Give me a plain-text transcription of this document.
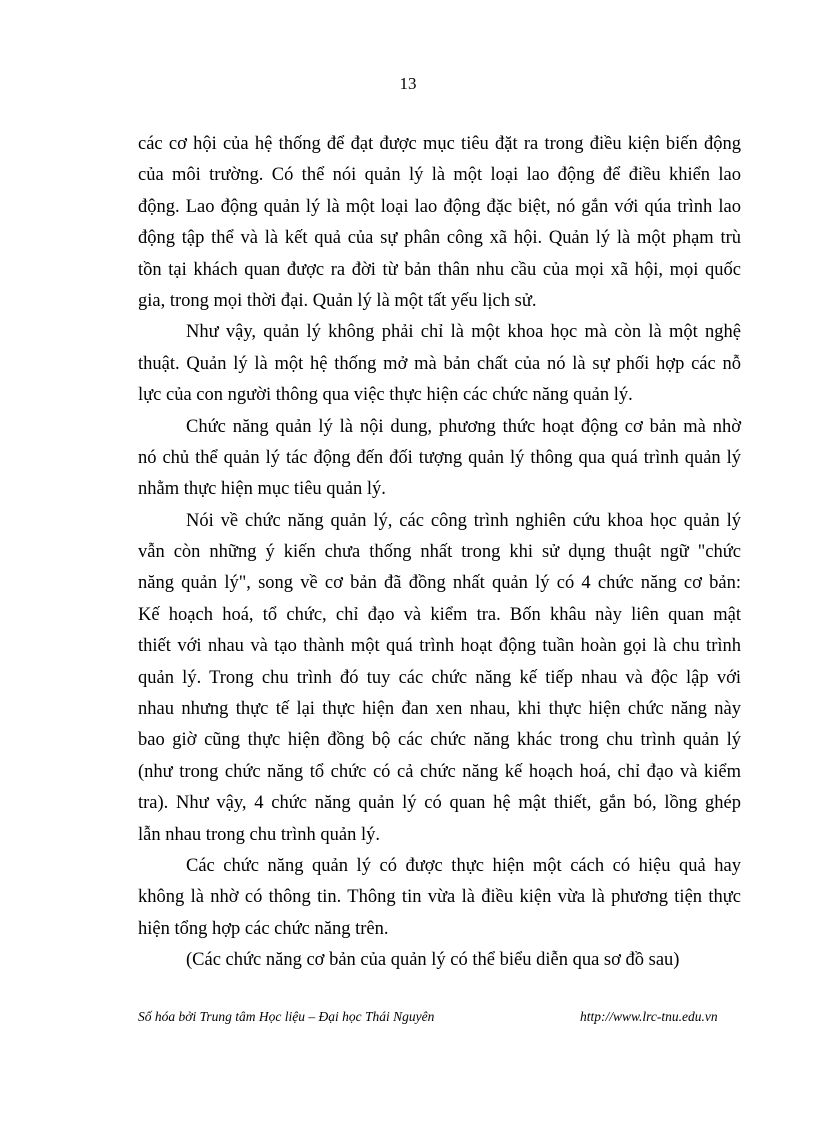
13
các cơ hội của hệ thống để đạt được mục tiêu đặt ra trong điều kiện biến động
của môi trường. Có thể nói quản lý là một loại lao động để điều khiển lao
động. Lao động quản lý là một loại lao động đặc biệt, nó gắn với qúa trình lao
động tập thể và là kết quả của sự phân công xã hội. Quản lý là một phạm trù
tồn tại khách quan được ra đời từ bản thân nhu cầu của mọi xã hội, mọi quốc
gia, trong mọi thời đại. Quản lý là một tất yếu lịch sử.
Như vậy, quản lý không phải chỉ là một khoa học mà còn là một nghệ
thuật. Quản lý là một hệ thống mở mà bản chất của nó là sự phối hợp các nỗ
lực của con người thông qua việc thực hiện các chức năng quản lý.
Chức năng quản lý là nội dung, phương thức hoạt động cơ bản mà nhờ
nó chủ thể quản lý tác động đến đối tượng quản lý thông qua quá trình quản lý
nhằm thực hiện mục tiêu quản lý.
Nói về chức năng quản lý, các công trình nghiên cứu khoa học quản lý
vẫn còn những ý kiến chưa thống nhất trong khi sử dụng thuật ngữ "chức
năng quản lý", song về cơ bản đã đồng nhất quản lý có 4 chức năng cơ bản:
Kế hoạch hoá, tổ chức, chỉ đạo và kiểm tra. Bốn khâu này liên quan mật
thiết với nhau và tạo thành một quá trình hoạt động tuần hoàn gọi là chu trình
quản lý. Trong chu trình đó tuy các chức năng kế tiếp nhau và độc lập với
nhau nhưng thực tế lại thực hiện đan xen nhau, khi thực hiện chức năng này
bao giờ cũng thực hiện đồng bộ các chức năng khác trong chu trình quản lý
(như trong chức năng tổ chức có cả chức năng kế hoạch hoá, chỉ đạo và kiểm
tra). Như vậy, 4 chức năng quản lý có quan hệ mật thiết, gắn bó, lồng ghép
lẫn nhau trong chu trình quản lý.
Các chức năng quản lý có được thực hiện một cách có hiệu quả hay
không là nhờ có thông tin. Thông tin vừa là điều kiện vừa là phương tiện thực
hiện tổng hợp các chức năng trên.
(Các chức năng cơ bản của quản lý có thể biểu diễn qua sơ đồ sau)
Số hóa bởi Trung tâm Học liệu – Đại học Thái Nguyên	http://www.lrc-tnu.edu.vn
